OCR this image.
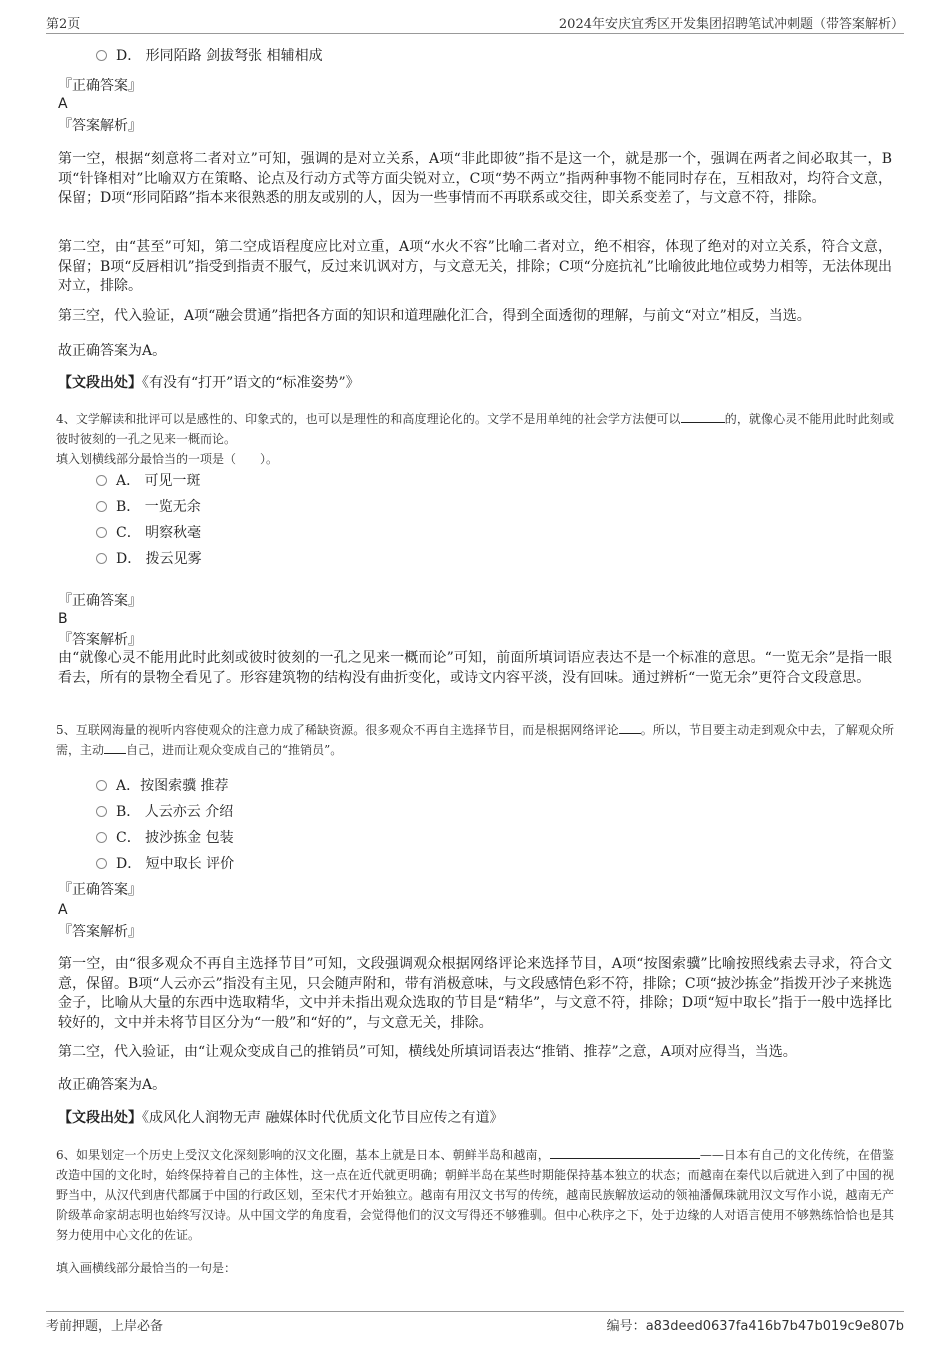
第2页	2024年安庆宜秀区开发集团招聘笔试冲刺题（带答案解析）
D． 形同陌路 剑拔弩张 相辅相成
『正确答案』
A
『答案解析』
第一空，根据“刻意将二者对立”可知，强调的是对立关系，A项“非此即彼”指不是这一个，就是那一个，强调在两者之间必取其一，B项“针锋相对”比喻双方在策略、论点及行动方式等方面尖锐对立，C项“势不两立”指两种事物不能同时存在，互相敌对，均符合文意，保留；D项“形同陌路”指本来很熟悉的朋友或别的人，因为一些事情而不再联系或交往，即关系变差了，与文意不符，排除。
第二空，由“甚至”可知，第二空成语程度应比对立重，A项“水火不容”比喻二者对立，绝不相容，体现了绝对的对立关系，符合文意，保留；B项“反唇相讥”指受到指责不服气，反过来讥讽对方，与文意无关，排除；C项“分庭抗礼”比喻彼此地位或势力相等，无法体现出对立，排除。
第三空，代入验证，A项“融会贯通”指把各方面的知识和道理融化汇合，得到全面透彻的理解，与前文“对立”相反，当选。
故正确答案为A。
【文段出处】《有没有“打开”语文的“标准姿势”》
4、文学解读和批评可以是感性的、印象式的，也可以是理性的和高度理论化的。文学不是用单纯的社会学方法便可以	的，就像心灵不能用此时此刻或彼时彼刻的一孔之见来一概而论。
填入划横线部分最恰当的一项是（　　）。
A． 可见一斑
B． 一览无余
C． 明察秋毫
D． 拨云见雾
『正确答案』
B
『答案解析』
由“就像心灵不能用此时此刻或彼时彼刻的一孔之见来一概而论”可知，前面所填词语应表达不是一个标准的意思。“一览无余”是指一眼看去，所有的景物全看见了。形容建筑物的结构没有曲折变化，或诗文内容平淡，没有回味。通过辨析“一览无余”更符合文段意思。
5、互联网海量的视听内容使观众的注意力成了稀缺资源。很多观众不再自主选择节目，而是根据网络评论 。所以，节目要主动走到观众中去，了解观众所需，主动 自己，进而让观众变成自己的“推销员”。
A．按图索骥 推荐
B． 人云亦云 介绍
C． 披沙拣金 包装
D． 短中取长 评价
『正确答案』
A
『答案解析』
第一空，由“很多观众不再自主选择节目”可知，文段强调观众根据网络评论来选择节目，A项“按图索骥”比喻按照线索去寻求，符合文意，保留。B项“人云亦云”指没有主见，只会随声附和，带有消极意味，与文段感情色彩不符，排除；C项“披沙拣金”指拨开沙子来挑选金子，比喻从大量的东西中选取精华，文中并未指出观众选取的节目是“精华”，与文意不符，排除；D项“短中取长”指于一般中选择比较好的，文中并未将节目区分为“一般”和“好的”，与文意无关，排除。
第二空，代入验证，由“让观众变成自己的推销员”可知，横线处所填词语表达“推销、推荐”之意，A项对应得当，当选。
故正确答案为A。
【文段出处】《成风化人润物无声 融媒体时代优质文化节目应传之有道》
6、如果划定一个历史上受汉文化深刻影响的汉文化圈，基本上就是日本、朝鲜半岛和越南，	——日本有自己的文化传统，在借鉴改造中国的文化时，始终保持着自己的主体性，这一点在近代就更明确；朝鲜半岛在某些时期能保持基本独立的状态；而越南在秦代以后就进入到了中国的视野当中，从汉代到唐代都属于中国的行政区划，至宋代才开始独立。越南有用汉文书写的传统，越南民族解放运动的领袖潘佩珠就用汉文写作小说，越南无产阶级革命家胡志明也始终写汉诗。从中国文学的角度看，会觉得他们的汉文写得还不够雅驯。但中心秩序之下，处于边缘的人对语言使用不够熟练恰恰也是其努力使用中心文化的佐证。
填入画横线部分最恰当的一句是：
考前押题，上岸必备	编号：a83deed0637fa416b7b47b019c9e807b
